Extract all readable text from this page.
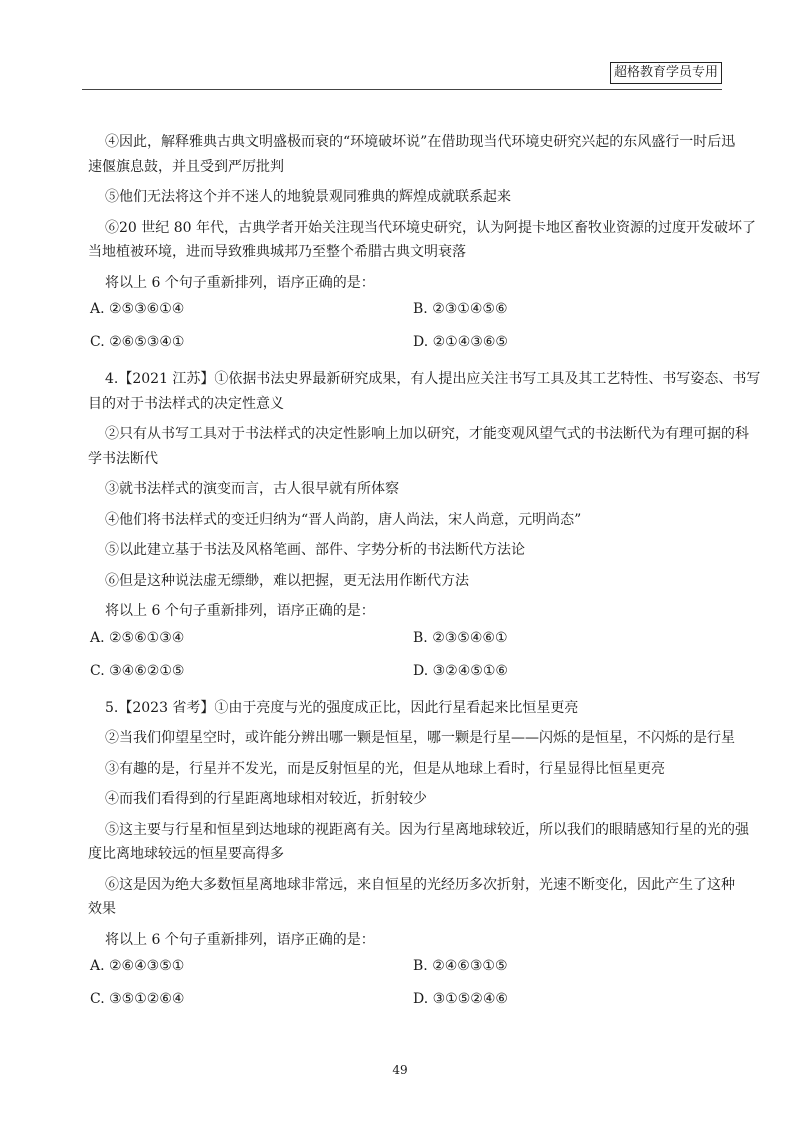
超格教育学员专用

④因此，解释雅典古典文明盛极而衰的“环境破坏说”在借助现当代环境史研究兴起的东风盛行一时后迅

速偃旗息鼓，并且受到严厉批判

⑤他们无法将这个并不迷人的地貌景观同雅典的辉煌成就联系起来

⑥20 世纪 80 年代，古典学者开始关注现当代环境史研究，认为阿提卡地区畜牧业资源的过度开发破坏了

当地植被环境，进而导致雅典城邦乃至整个希腊古典文明衰落

将以上 6 个句子重新排列，语序正确的是：

A. ②⑤③⑥①④	B. ②③①④⑤⑥
C. ②⑥⑤③④①	D. ②①④③⑥⑤

4.【2021 江苏】①依据书法史界最新研究成果，有人提出应关注书写工具及其工艺特性、书写姿态、书写

目的对于书法样式的决定性意义

②只有从书写工具对于书法样式的决定性影响上加以研究，才能变观风望气式的书法断代为有理可据的科

学书法断代

③就书法样式的演变而言，古人很早就有所体察

④他们将书法样式的变迁归纳为“晋人尚韵，唐人尚法，宋人尚意，元明尚态”

⑤以此建立基于书法及风格笔画、部件、字势分析的书法断代方法论

⑥但是这种说法虚无缥缈，难以把握，更无法用作断代方法

将以上 6 个句子重新排列，语序正确的是：

A. ②⑤⑥①③④	B. ②③⑤④⑥①
C. ③④⑥②①⑤	D. ③②④⑤①⑥

5.【2023 省考】①由于亮度与光的强度成正比，因此行星看起来比恒星更亮

②当我们仰望星空时，或许能分辨出哪一颗是恒星，哪一颗是行星——闪烁的是恒星，不闪烁的是行星

③有趣的是，行星并不发光，而是反射恒星的光，但是从地球上看时，行星显得比恒星更亮

④而我们看得到的行星距离地球相对较近，折射较少

⑤这主要与行星和恒星到达地球的视距离有关。因为行星离地球较近，所以我们的眼睛感知行星的光的强

度比离地球较远的恒星要高得多

⑥这是因为绝大多数恒星离地球非常远，来自恒星的光经历多次折射，光速不断变化，因此产生了这种

效果

将以上 6 个句子重新排列，语序正确的是：

A. ②⑥④③⑤①	B. ②④⑥③①⑤
C. ③⑤①②⑥④	D. ③①⑤②④⑥
49
